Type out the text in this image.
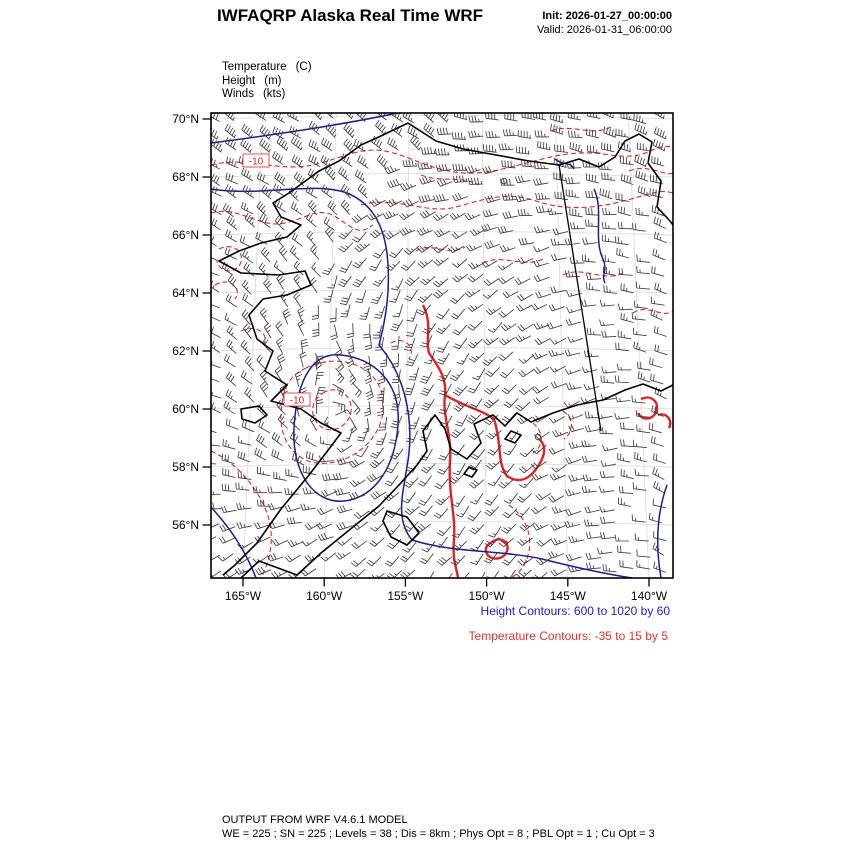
IWFAQRP Alaska Real Time WRF	Init: 2026-01-27_00:00:00
Valid: 2026-01-31_06:00:00
Temperature (C)
Height (m)
Winds (kts)
70°N
68°N
66°N
64°N
62°N
60°N
58°N
56°N
165°W	160°W	155°W	150°W	145°W	140°W
-10
-10
Height Contours: 600 to 1020 by 60
Temperature Contours: -35 to 15 by 5
OUTPUT FROM WRF V4.6.1 MODEL
WE = 225 ; SN = 225 ; Levels = 38 ; Dis = 8km ; Phys Opt = 8 ; PBL Opt = 1 ; Cu Opt = 3
